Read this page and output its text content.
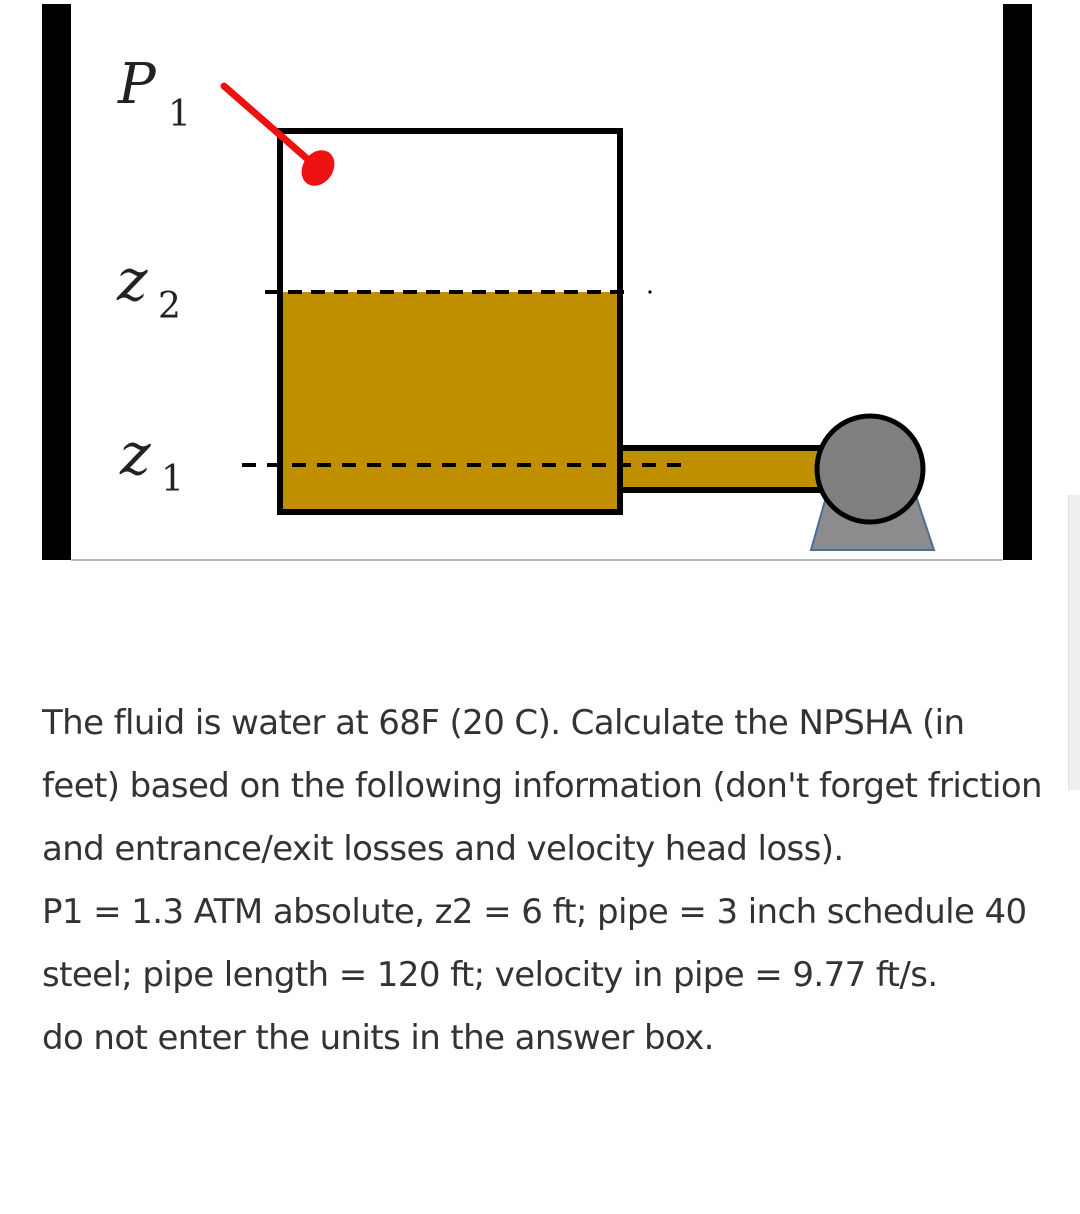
P 1
z 2
z 1

The fluid is water at 68F (20 C). Calculate the NPSHA (in feet) based on the following information (don't forget friction and entrance/exit losses and velocity head loss).

P1 = 1.3 ATM absolute, z2 = 6 ft; pipe = 3 inch schedule 40 steel; pipe length = 120 ft; velocity in pipe = 9.77 ft/s.

do not enter the units in the answer box.
